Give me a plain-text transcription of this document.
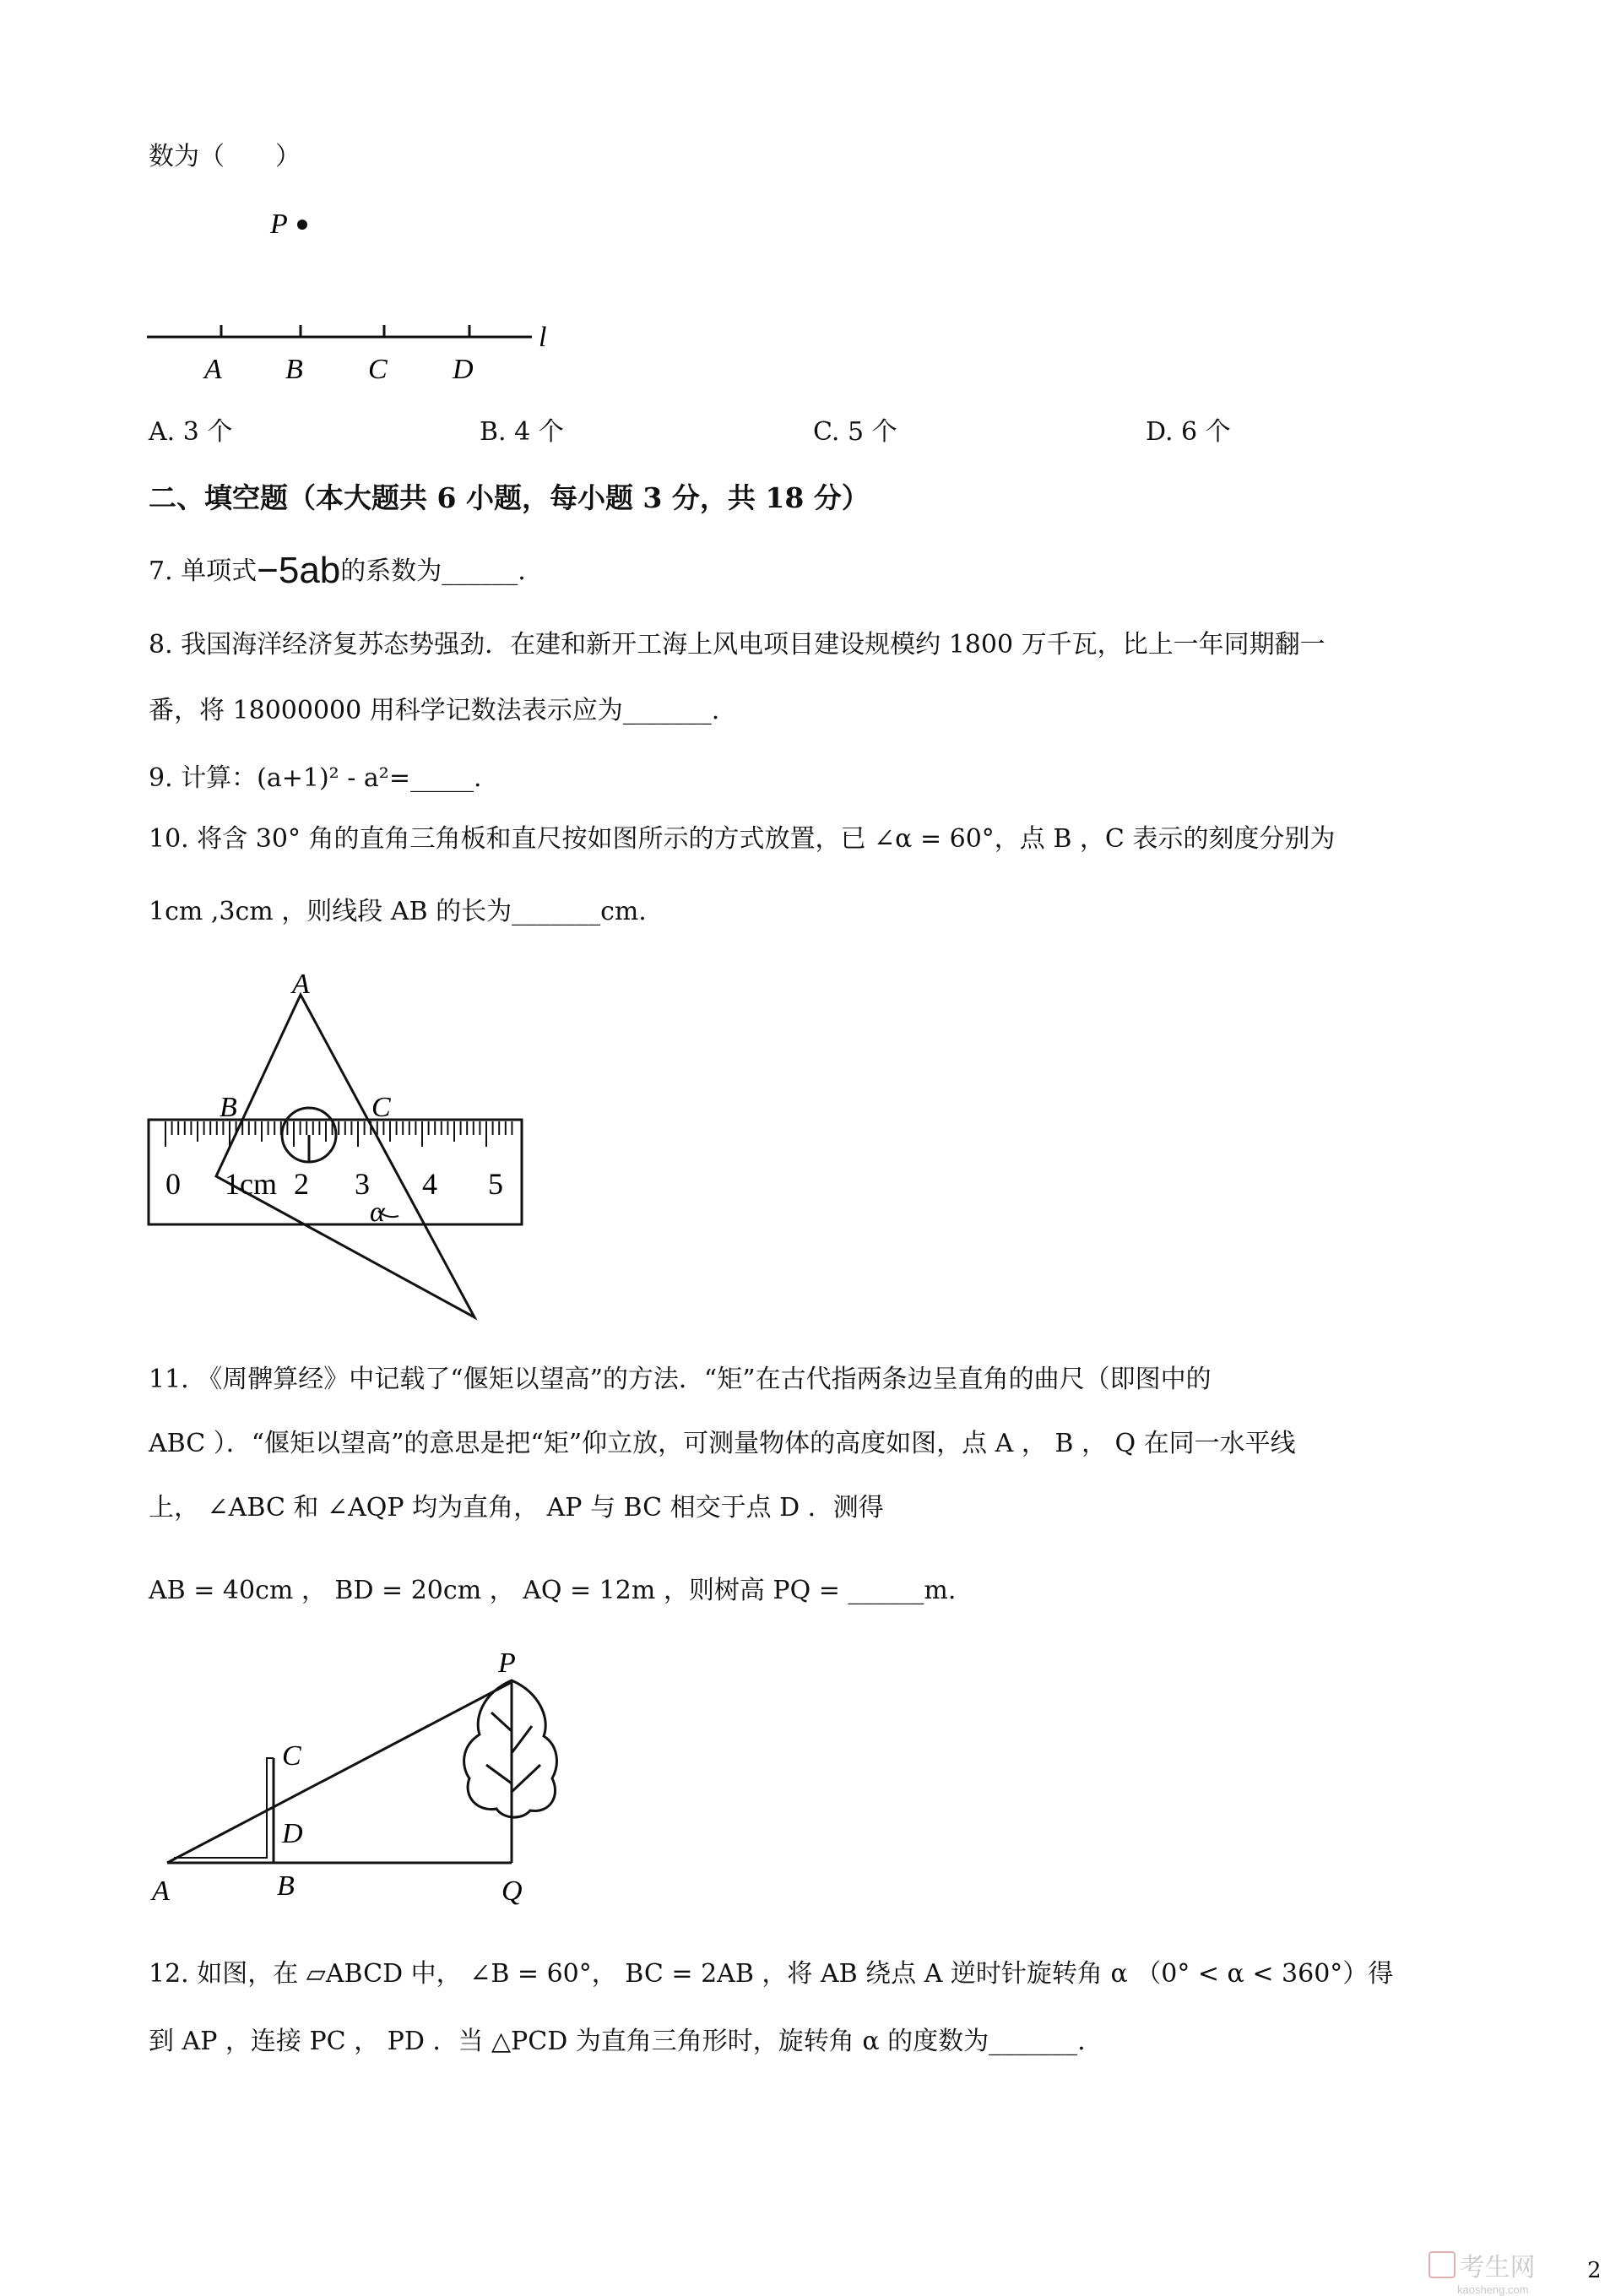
数为（　　）
P
A B C D
l
A. 3 个	B. 4 个	C. 5 个	D. 6 个
二、填空题（本大题共 6 小题，每小题 3 分，共 18 分）
7. 单项式−5ab的系数为______.
8. 我国海洋经济复苏态势强劲．在建和新开工海上风电项目建设规模约 1800 万千瓦，比上一年同期翻一
番，将 18000000 用科学记数法表示应为_______.
9. 计算：(a+1)² - a²=_____.
10. 将含 30° 角的直角三角板和直尺按如图所示的方式放置，已 ∠α = 60°，点 B ，C 表示的刻度分别为
1cm ,3cm ，则线段 AB 的长为_______cm.
A
B	C
α
0 1cm 2 3 4 5
11. 《周髀算经》中记载了“偃矩以望高”的方法．“矩”在古代指两条边呈直角的曲尺（即图中的
ABC ）．“偃矩以望高”的意思是把“矩”仰立放，可测量物体的高度如图，点 A ， B ， Q 在同一水平线
上， ∠ABC 和 ∠AQP 均为直角， AP 与 BC 相交于点 D ．测得
AB = 40cm ， BD = 20cm ， AQ = 12m ，则树高 PQ = ______m.
P
C
D
A	B	Q
12. 如图，在 ▱ABCD 中， ∠B = 60°， BC = 2AB ，将 AB 绕点 A 逆时针旋转角 α （0° < α < 360°）得
到 AP ，连接 PC ， PD ．当 △PCD 为直角三角形时，旋转角 α 的度数为_______.
考生网
kaosheng.com
2
